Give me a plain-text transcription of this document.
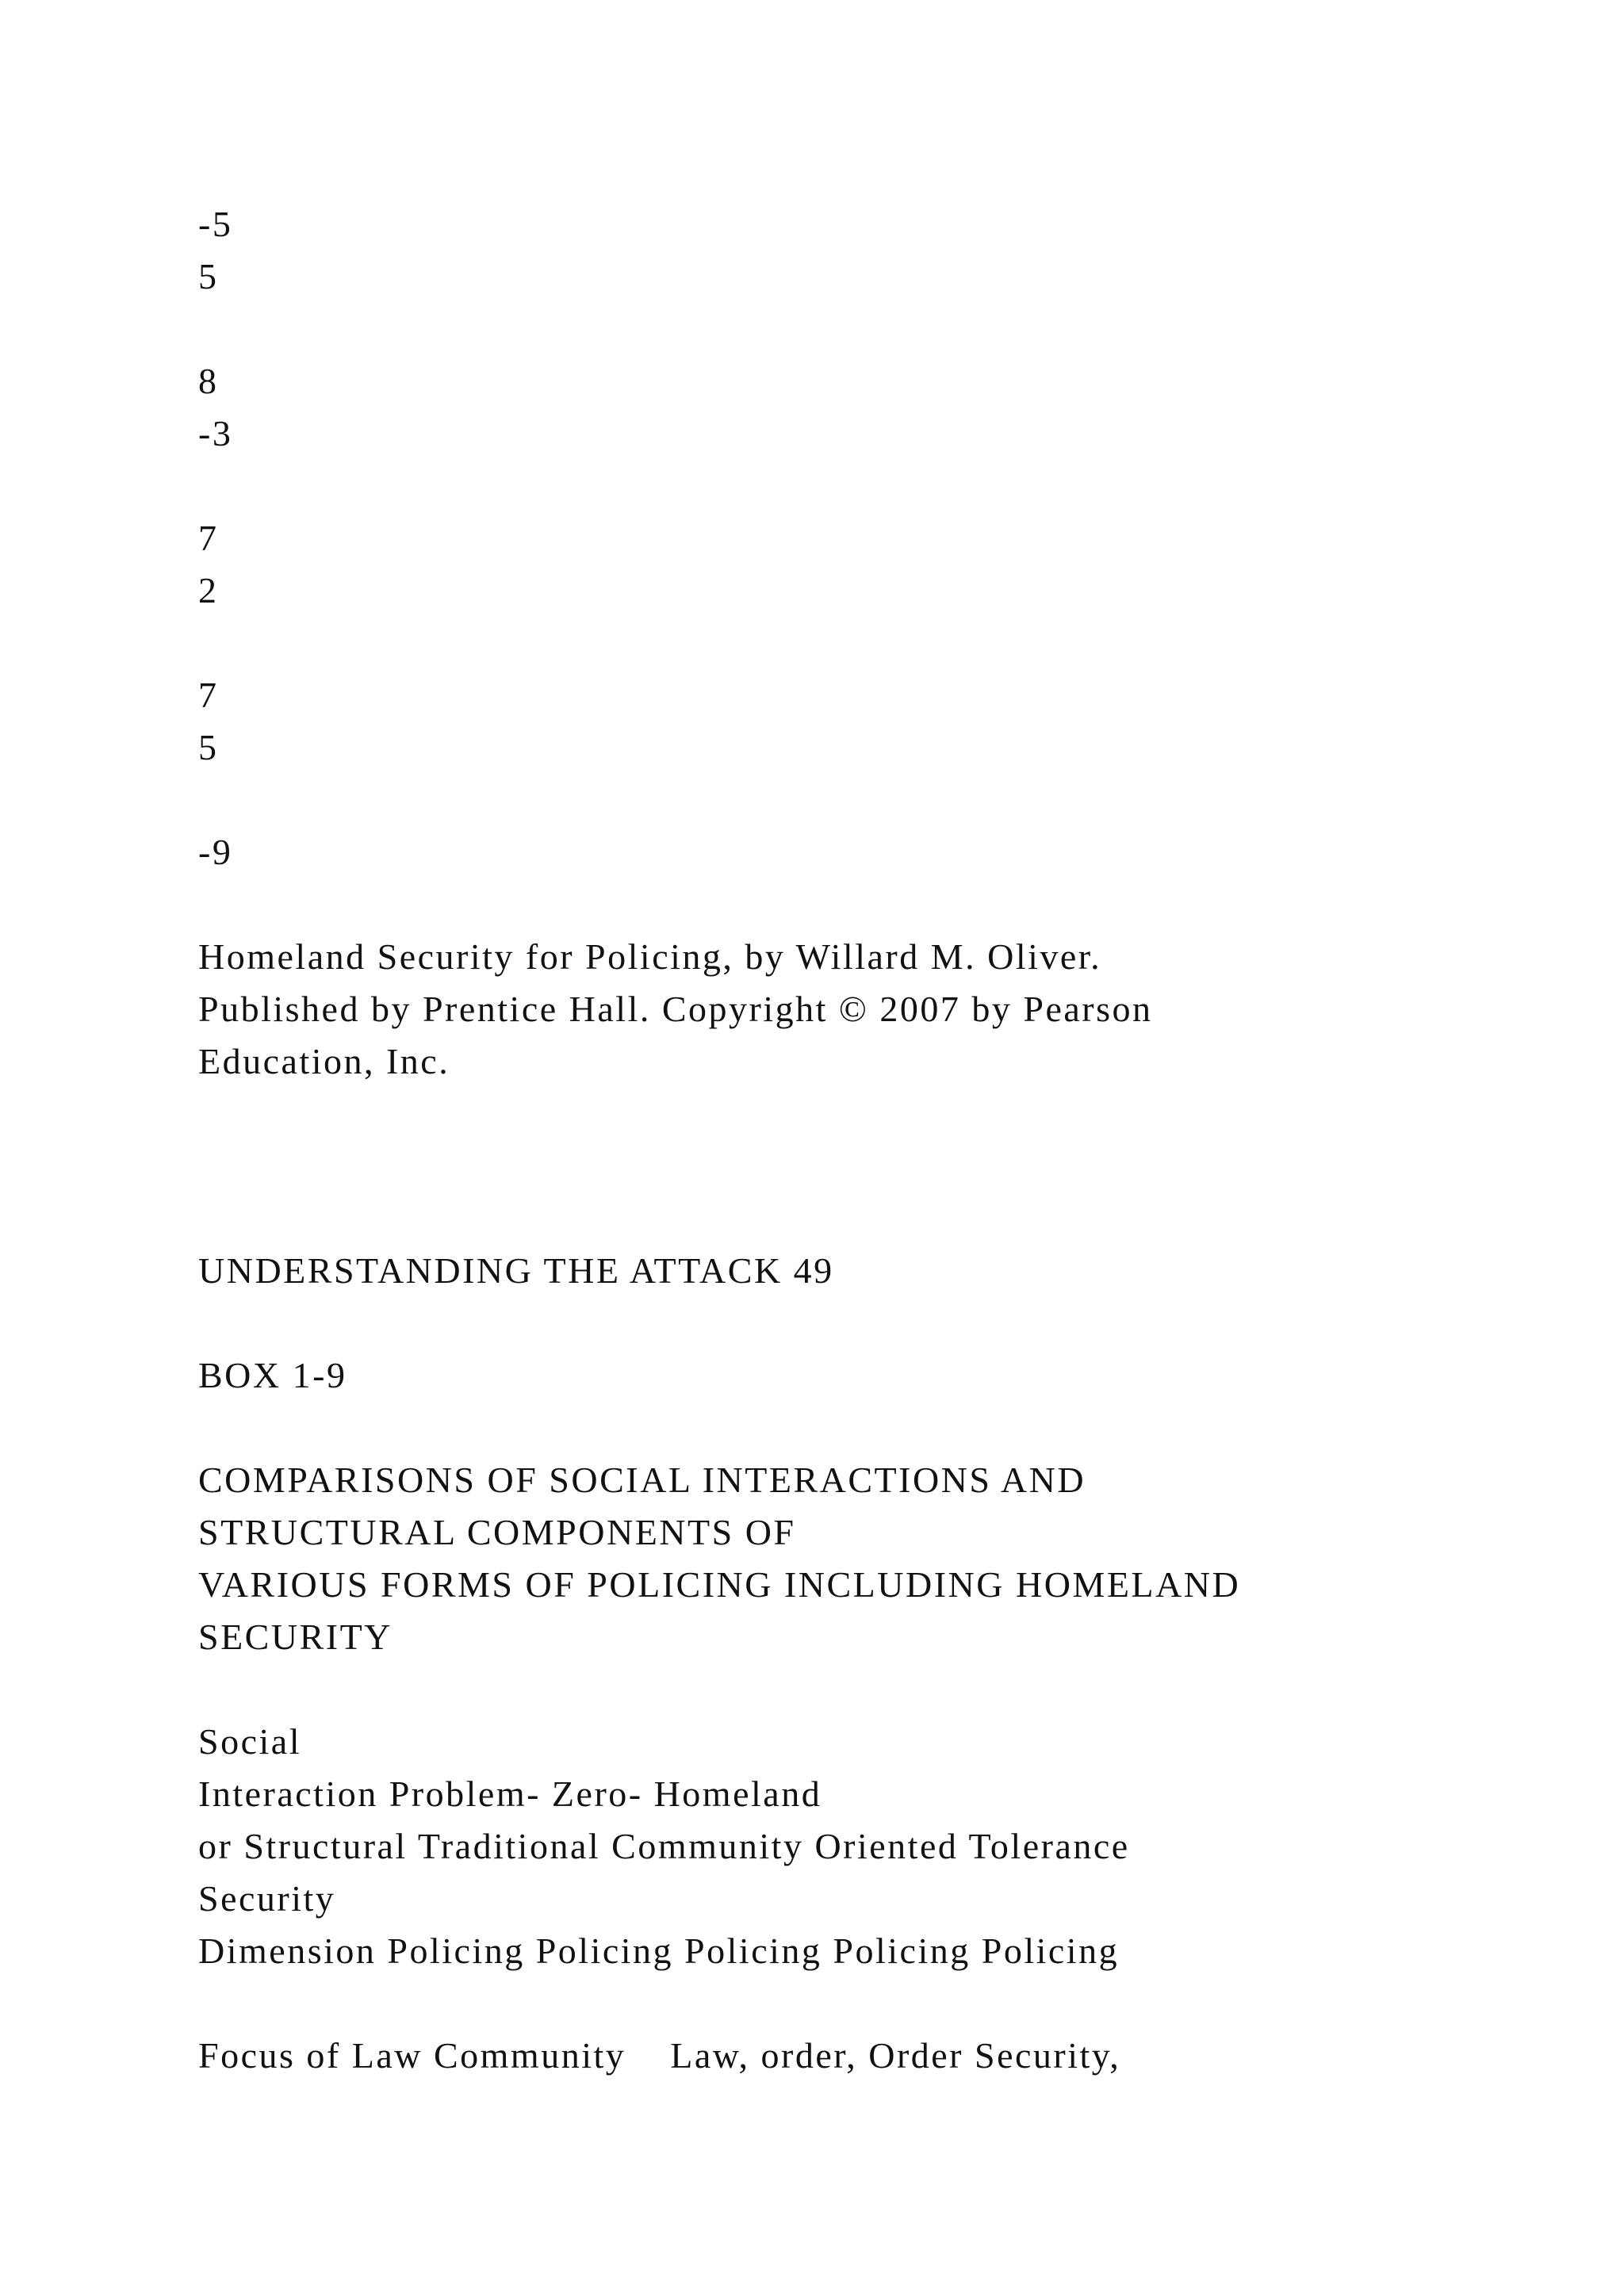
-5
5
8
-3
7
2
7
5
-9
Homeland Security for Policing, by Willard M. Oliver.
Published by Prentice Hall. Copyright © 2007 by Pearson
Education, Inc.
UNDERSTANDING THE ATTACK 49
BOX 1-9
COMPARISONS OF SOCIAL INTERACTIONS AND
STRUCTURAL COMPONENTS OF
VARIOUS FORMS OF POLICING INCLUDING HOMELAND
SECURITY
Social
Interaction Problem- Zero- Homeland
or Structural Traditional Community Oriented Tolerance
Security
Dimension Policing Policing Policing Policing Policing
Focus of Law Community    Law, order, Order Security,
